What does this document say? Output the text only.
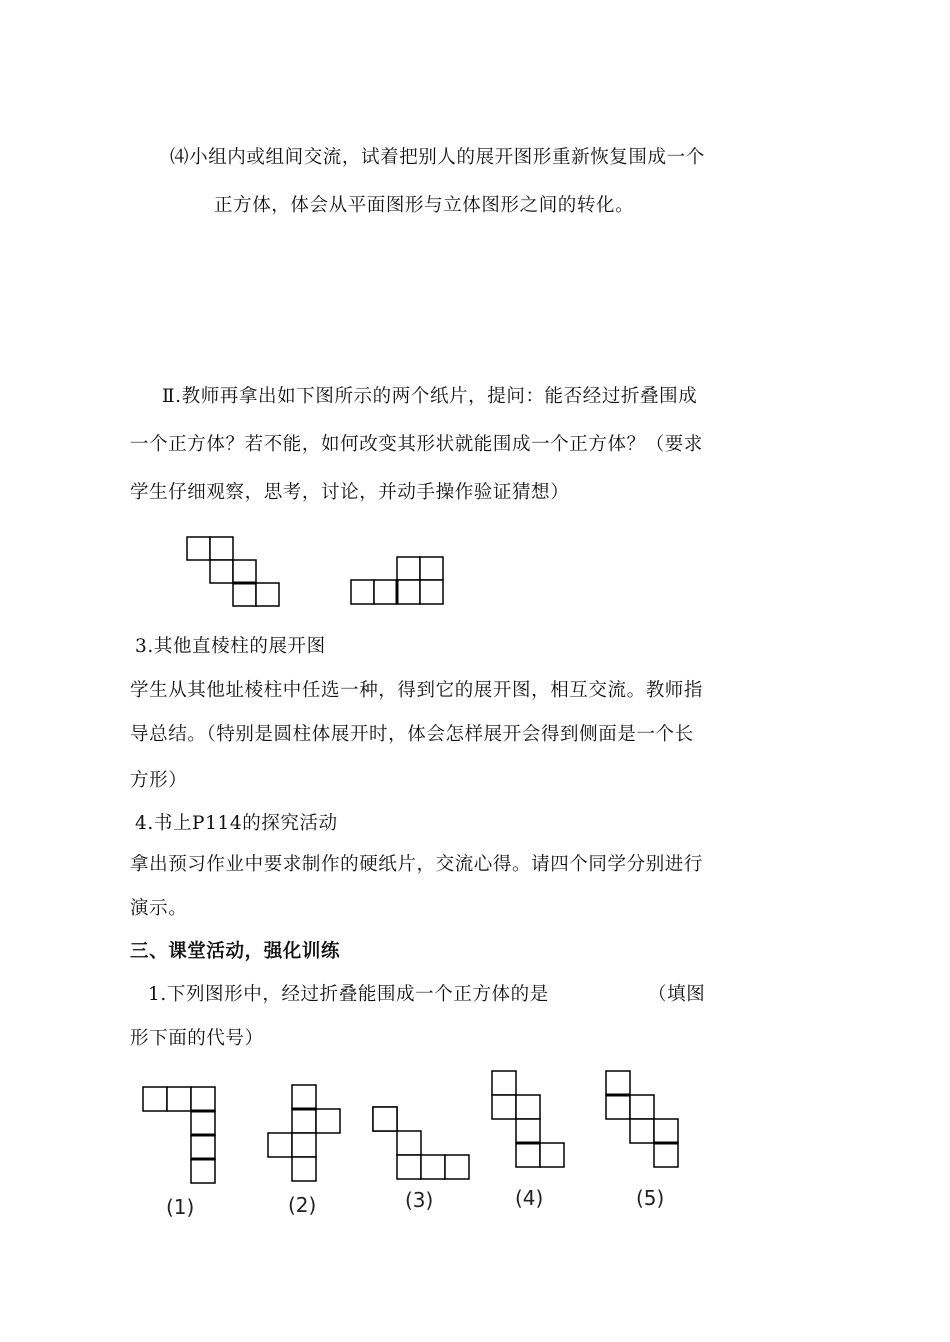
⑷小组内或组间交流，试着把别人的展开图形重新恢复围成一个

正方体，体会从平面图形与立体图形之间的转化。

Ⅱ.教师再拿出如下图所示的两个纸片，提问：能否经过折叠围成

一个正方体？若不能，如何改变其形状就能围成一个正方体？（要求

学生仔细观察，思考，讨论，并动手操作验证猜想）

3.其他直棱柱的展开图

学生从其他址棱柱中任选一种，得到它的展开图，相互交流。教师指

导总结。（特别是圆柱体展开时，体会怎样展开会得到侧面是一个长

方形）

4.书上P114的探究活动

拿出预习作业中要求制作的硬纸片，交流心得。请四个同学分别进行

演示。

三、课堂活动，强化训练

1.下列图形中，经过折叠能围成一个正方体的是	（填图

形下面的代号）

(1)	(2)	(3)	(4)	(5)
